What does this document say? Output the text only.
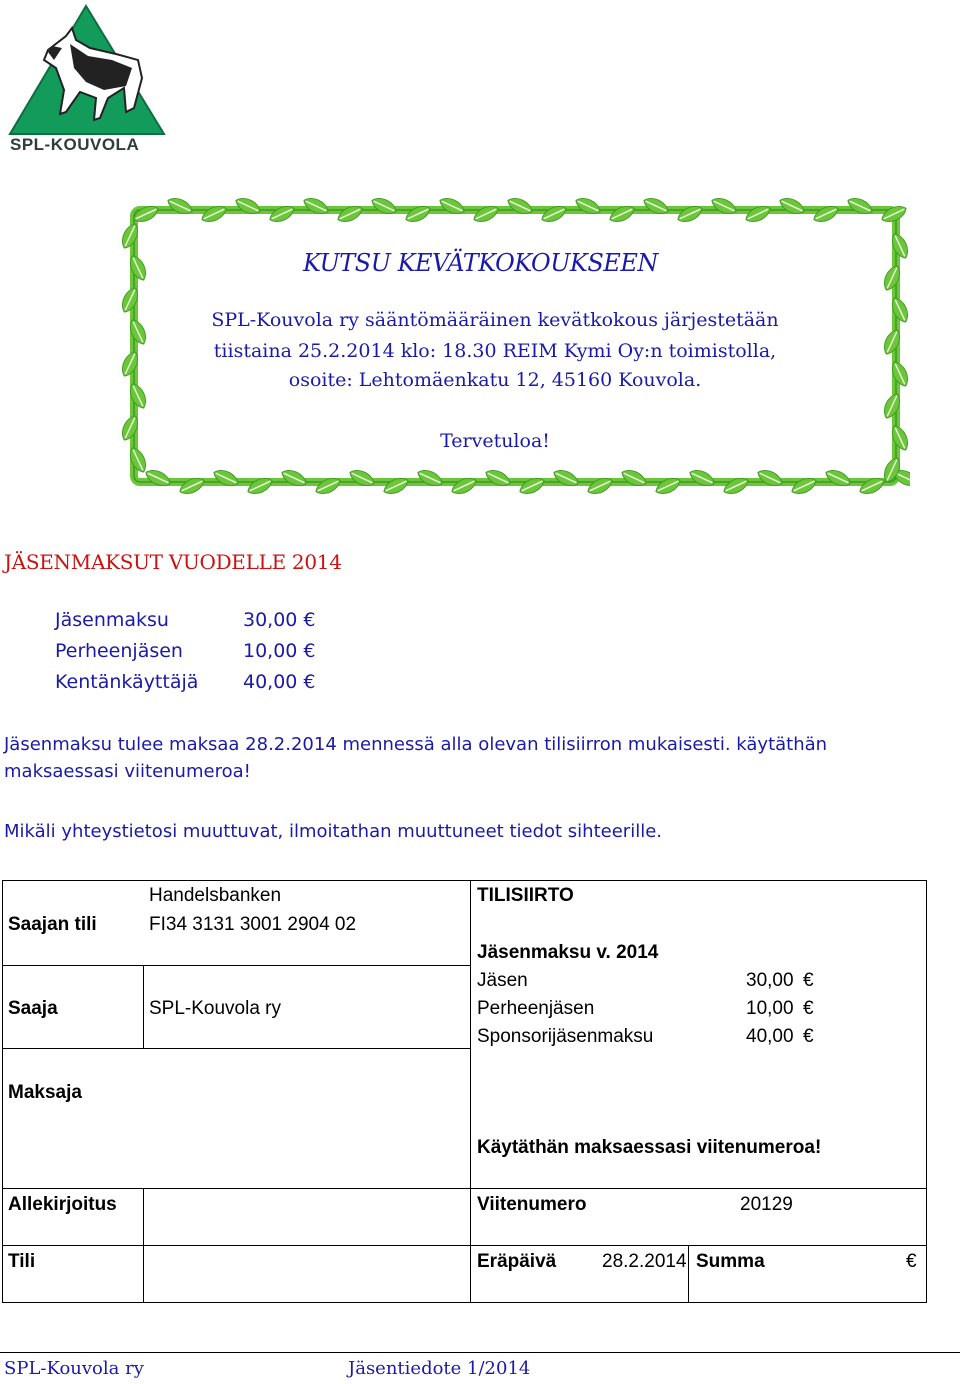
SPL-KOUVOLA
KUTSU KEVÄTKOKOUKSEEN
SPL-Kouvola ry sääntömääräinen kevätkokous järjestetään
tiistaina 25.2.2014 klo: 18.30 REIM Kymi Oy:n toimistolla,
osoite: Lehtomäenkatu 12, 45160 Kouvola.
Tervetuloa!
JÄSENMAKSUT VUODELLE 2014
Jäsenmaksu	30,00 €
Perheenjäsen	10,00 €
Kentänkäyttäjä 40,00 €
Jäsenmaksu tulee maksaa 28.2.2014 mennessä alla olevan tilisiirron mukaisesti. käytäthän
maksaessasi viitenumeroa!
Mikäli yhteystietosi muuttuvat, ilmoitathan muuttuneet tiedot sihteerille.
Handelsbanken
Saajan tili	FI34 3131 3001 2904 02
Saaja	SPL-Kouvola ry
Maksaja
Allekirjoitus
Tili
TILISIIRTO
Jäsenmaksu v. 2014
Jäsen	30,00 €
Perheenjäsen	10,00 €
Sponsorijäsenmaksu	40,00 €
Käytäthän maksaessasi viitenumeroa!
Viitenumero	20129
Eräpäivä 28.2.2014 Summa	€
SPL-Kouvola ry	Jäsentiedote 1/2014
